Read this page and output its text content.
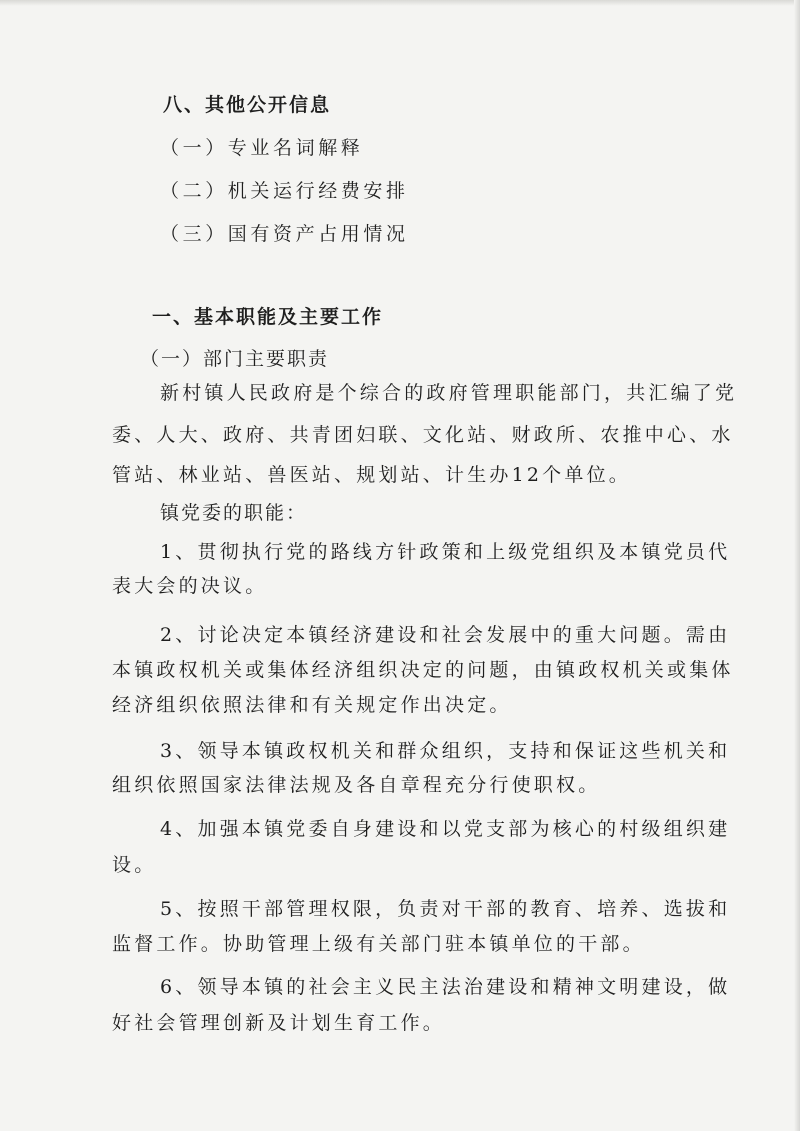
八、其他公开信息
（一）专业名词解释
（二）机关运行经费安排
（三）国有资产占用情况
一、基本职能及主要工作
（一）部门主要职责
新村镇人民政府是个综合的政府管理职能部门，共汇编了党
委、人大、政府、共青团妇联、文化站、财政所、农推中心、水
管站、林业站、兽医站、规划站、计生办12个单位。
镇党委的职能：
1、贯彻执行党的路线方针政策和上级党组织及本镇党员代
表大会的决议。
2、讨论决定本镇经济建设和社会发展中的重大问题。需由
本镇政权机关或集体经济组织决定的问题，由镇政权机关或集体
经济组织依照法律和有关规定作出决定。
3、领导本镇政权机关和群众组织，支持和保证这些机关和
组织依照国家法律法规及各自章程充分行使职权。
4、加强本镇党委自身建设和以党支部为核心的村级组织建
设。
5、按照干部管理权限，负责对干部的教育、培养、选拔和
监督工作。协助管理上级有关部门驻本镇单位的干部。
6、领导本镇的社会主义民主法治建设和精神文明建设，做
好社会管理创新及计划生育工作。
